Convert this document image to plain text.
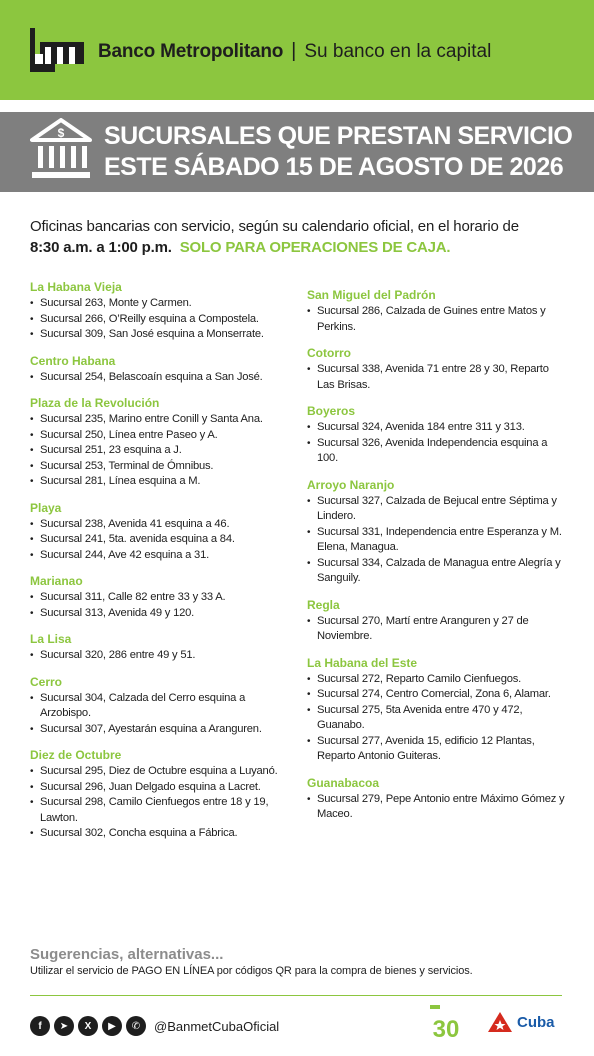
Banco Metropolitano | Su banco en la capital
$ SUCURSALES QUE PRESTAN SERVICIO
ESTE SÁBADO 15 DE AGOSTO DE 2026
Oficinas bancarias con servicio, según su calendario oficial, en el horario de
8:30 a.m. a 1:00 p.m. SOLO PARA OPERACIONES DE CAJA.
La Habana Vieja
• Sucursal 263, Monte y Carmen.
• Sucursal 266, O’Reilly esquina a Compostela.
• Sucursal 309, San José esquina a Monserrate.
Centro Habana
• Sucursal 254, Belascoaín esquina a San José.
Plaza de la Revolución
• Sucursal 235, Marino entre Conill y Santa Ana.
• Sucursal 250, Línea entre Paseo y A.
• Sucursal 251, 23 esquina a J.
• Sucursal 253, Terminal de Ómnibus.
• Sucursal 281, Línea esquina a M.
Playa
• Sucursal 238, Avenida 41 esquina a 46.
• Sucursal 241, 5ta. avenida esquina a 84.
• Sucursal 244, Ave 42 esquina a 31.
Marianao
• Sucursal 311, Calle 82 entre 33 y 33 A.
• Sucursal 313, Avenida 49 y 120.
La Lisa
• Sucursal 320, 286 entre 49 y 51.
Cerro
• Sucursal 304, Calzada del Cerro esquina a Arzobispo.
• Sucursal 307, Ayestarán esquina a Aranguren.
Diez de Octubre
• Sucursal 295, Diez de Octubre esquina a Luyanó.
• Sucursal 296, Juan Delgado esquina a Lacret.
• Sucursal 298, Camilo Cienfuegos entre 18 y 19, Lawton.
• Sucursal 302, Concha esquina a Fábrica.
San Miguel del Padrón
• Sucursal 286, Calzada de Guines entre Matos y Perkins.
Cotorro
• Sucursal 338, Avenida 71 entre 28 y 30, Reparto Las Brisas.
Boyeros
• Sucursal 324, Avenida 184 entre 311 y 313.
• Sucursal 326, Avenida Independencia esquina a 100.
Arroyo Naranjo
• Sucursal 327, Calzada de Bejucal entre Séptima y Lindero.
• Sucursal 331, Independencia entre Esperanza y M. Elena, Managua.
• Sucursal 334, Calzada de Managua entre Alegría y Sanguily.
Regla
• Sucursal 270, Martí entre Aranguren y 27 de Noviembre.
La Habana del Este
• Sucursal 272, Reparto Camilo Cienfuegos.
• Sucursal 274, Centro Comercial, Zona 6, Alamar.
• Sucursal 275, 5ta Avenida entre 470 y 472, Guanabo.
• Sucursal 277, Avenida 15, edificio 12 Plantas, Reparto Antonio Guiteras.
Guanabacoa
• Sucursal 279, Pepe Antonio entre Máximo Gómez y Maceo.
Sugerencias, alternativas...
Utilizar el servicio de PAGO EN LÍNEA por códigos QR para la compra de bienes y servicios.
f	➤	X	▶	✆	@BanmetCubaOficial	30	Cuba
